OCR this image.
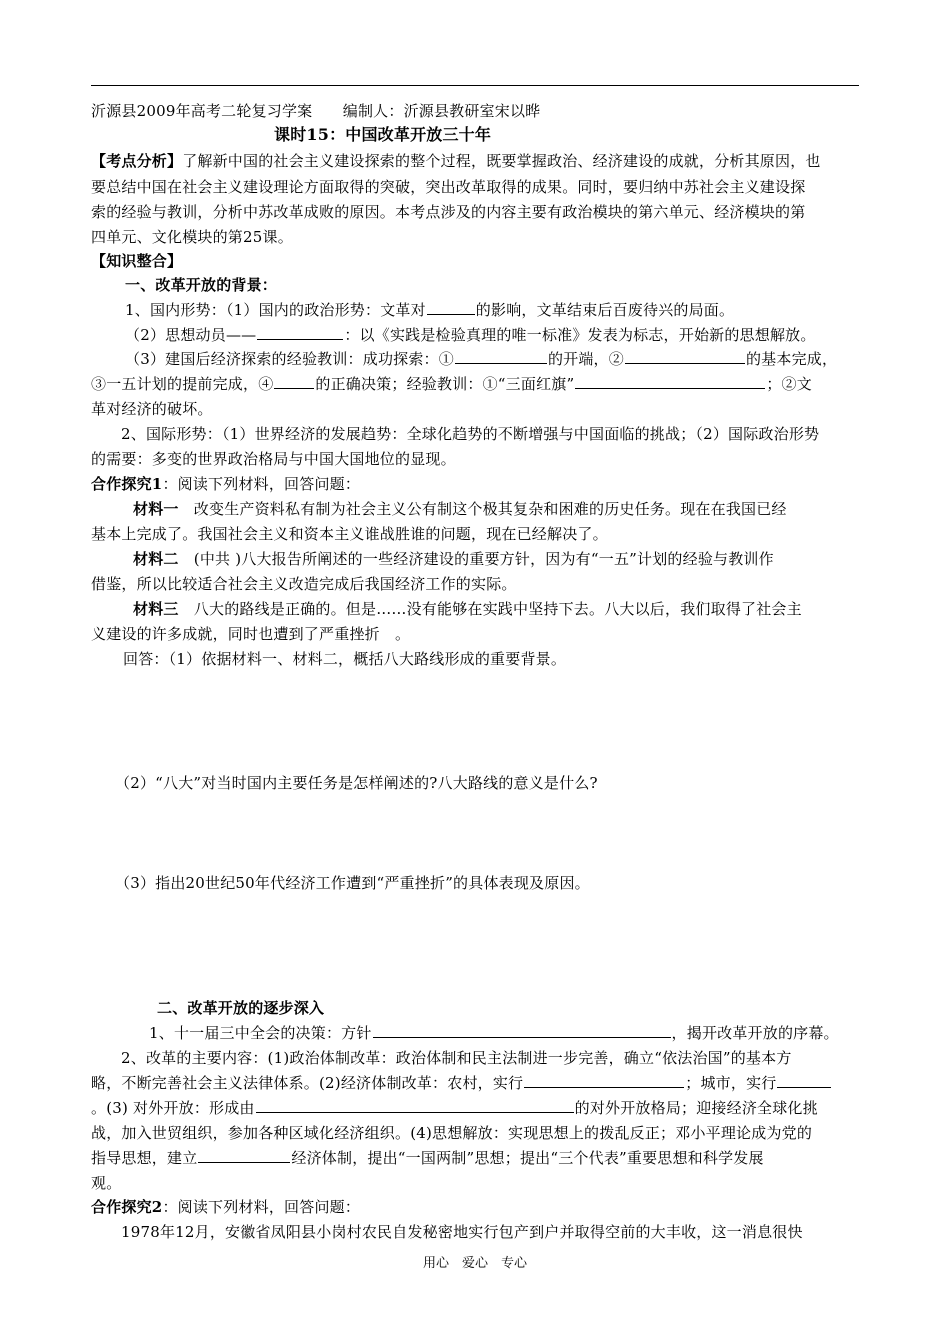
沂源县2009年高考二轮复习学案　　编制人：沂源县教研室宋以晔
课时15：中国改革开放三十年
【考点分析】了解新中国的社会主义建设探索的整个过程，既要掌握政治、经济建设的成就，分析其原因，也
要总结中国在社会主义建设理论方面取得的突破，突出改革取得的成果。同时，要归纳中苏社会主义建设探
索的经验与教训，分析中苏改革成败的原因。本考点涉及的内容主要有政治模块的第六单元、经济模块的第
四单元、文化模块的第25课。
【知识整合】
一、改革开放的背景：
1、国内形势：（1）国内的政治形势：文革对	的影响，文革结束后百废待兴的局面。
（2）思想动员——	：以《实践是检验真理的唯一标准》发表为标志，开始新的思想解放。
（3）建国后经济探索的经验教训：成功探索：①	的开端，②	的基本完成，
③一五计划的提前完成，④	的正确决策；经验教训：①“三面红旗”	；②文
革对经济的破坏。
2、国际形势：（1）世界经济的发展趋势：全球化趋势的不断增强与中国面临的挑战；（2）国际政治形势
的需要：多变的世界政治格局与中国大国地位的显现。
合作探究1：阅读下列材料，回答问题：
材料一　改变生产资料私有制为社会主义公有制这个极其复杂和困难的历史任务。现在在我国已经
基本上完成了。我国社会主义和资本主义谁战胜谁的问题，现在已经解决了。
材料二　(中共 )八大报告所阐述的一些经济建设的重要方针，因为有“一五”计划的经验与教训作
借鉴，所以比较适合社会主义改造完成后我国经济工作的实际。
材料三　八大的路线是正确的。但是……没有能够在实践中坚持下去。八大以后，我们取得了社会主
义建设的许多成就，同时也遭到了严重挫折　。
回答：（1）依据材料一、材料二，概括八大路线形成的重要背景。
（2）“八大”对当时国内主要任务是怎样阐述的?八大路线的意义是什么?
（3）指出20世纪50年代经济工作遭到“严重挫折”的具体表现及原因。
二、改革开放的逐步深入
1、十一届三中全会的决策：方针	，揭开改革开放的序幕。
2、改革的主要内容：(1)政治体制改革：政治体制和民主法制进一步完善，确立“依法治国”的基本方
略，不断完善社会主义法律体系。(2)经济体制改革：农村，实行	；城市，实行
。(3) 对外开放：形成由	的对外开放格局；迎接经济全球化挑
战，加入世贸组织，参加各种区域化经济组织。(4)思想解放：实现思想上的拨乱反正；邓小平理论成为党的
指导思想，建立	经济体制，提出“一国两制”思想；提出“三个代表”重要思想和科学发展
观。
合作探究2：阅读下列材料，回答问题：
1978年12月，安徽省凤阳县小岗村农民自发秘密地实行包产到户并取得空前的大丰收，这一消息很快
用心　爱心　专心
